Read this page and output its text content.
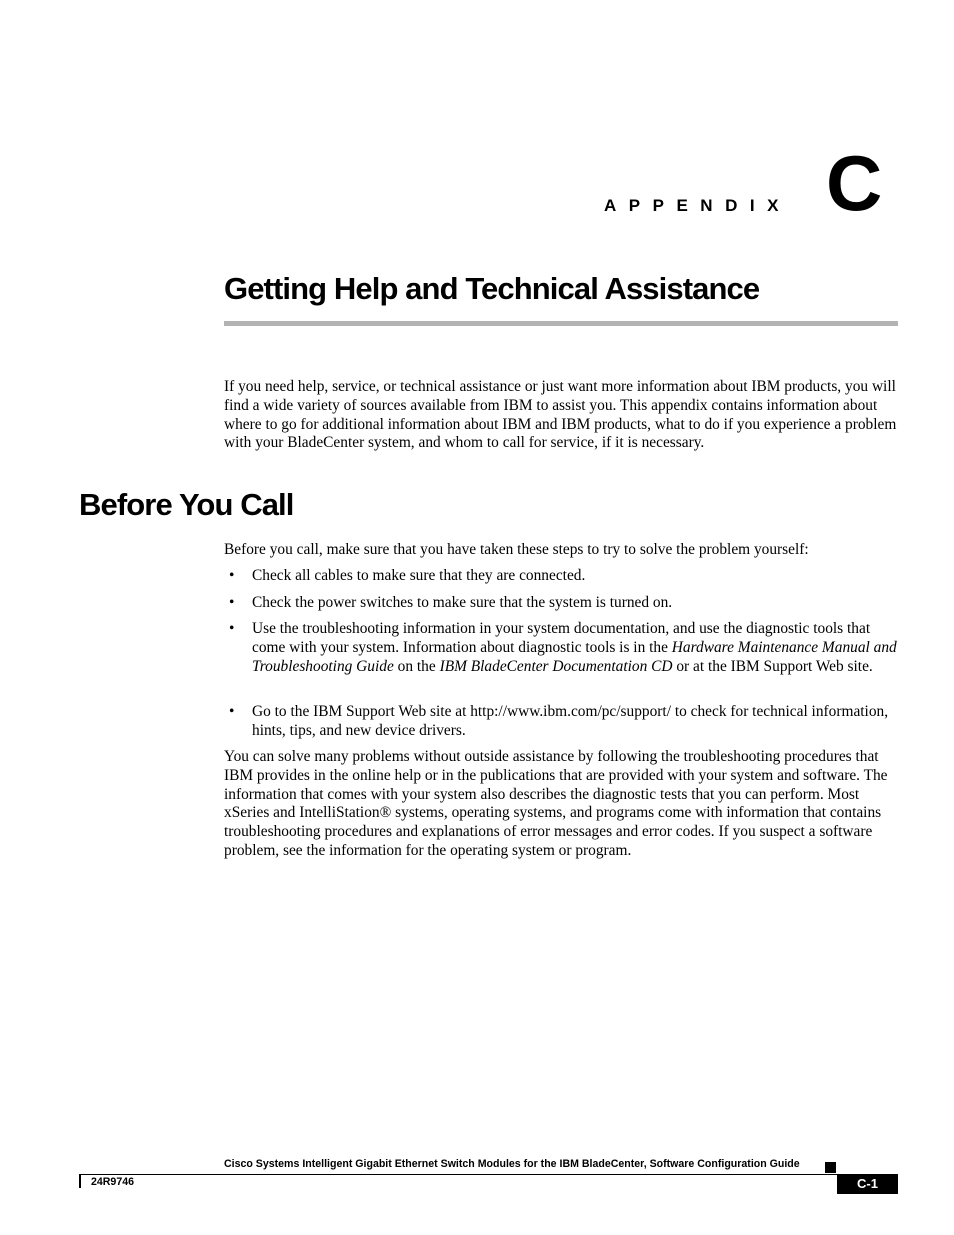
APPENDIX C
Getting Help and Technical Assistance

If you need help, service, or technical assistance or just want more information about IBM products, you will find a wide variety of sources available from IBM to assist you. This appendix contains information about where to go for additional information about IBM and IBM products, what to do if you experience a problem with your BladeCenter system, and whom to call for service, if it is necessary.

Before You Call

Before you call, make sure that you have taken these steps to try to solve the problem yourself:

• Check all cables to make sure that they are connected.
• Check the power switches to make sure that the system is turned on.
• Use the troubleshooting information in your system documentation, and use the diagnostic tools that come with your system. Information about diagnostic tools is in the Hardware Maintenance Manual and Troubleshooting Guide on the IBM BladeCenter Documentation CD or at the IBM Support Web site.
• Go to the IBM Support Web site at http://www.ibm.com/pc/support/ to check for technical information, hints, tips, and new device drivers.

You can solve many problems without outside assistance by following the troubleshooting procedures that IBM provides in the online help or in the publications that are provided with your system and software. The information that comes with your system also describes the diagnostic tests that you can perform. Most xSeries and IntelliStation® systems, operating systems, and programs come with information that contains troubleshooting procedures and explanations of error messages and error codes. If you suspect a software problem, see the information for the operating system or program.

Cisco Systems Intelligent Gigabit Ethernet Switch Modules for the IBM BladeCenter, Software Configuration Guide
24R9746	C-1
